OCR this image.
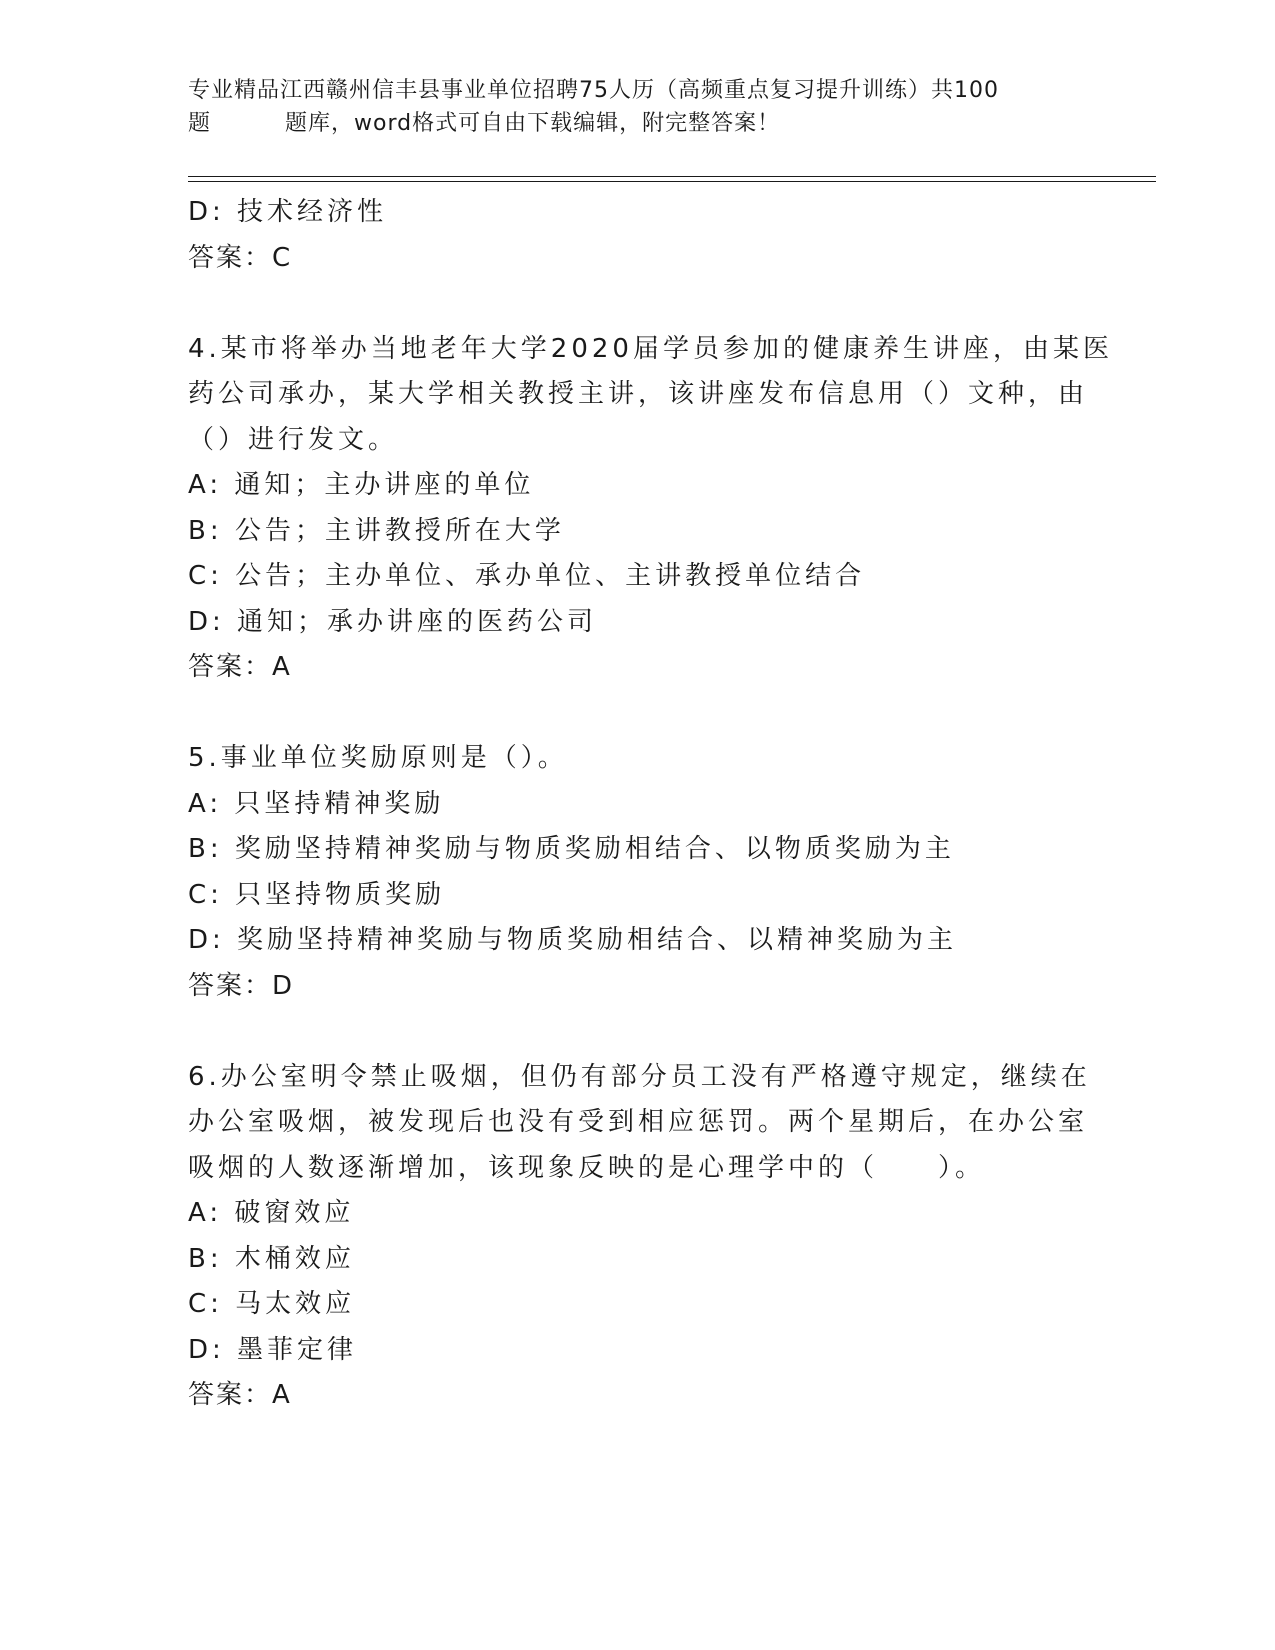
专业精品江西赣州信丰县事业单位招聘75人历（高频重点复习提升训练）共100
题	题库，word格式可自由下载编辑，附完整答案！
D: 技术经济性
答案：C
4.某市将举办当地老年大学2020届学员参加的健康养生讲座，由某医
药公司承办，某大学相关教授主讲，该讲座发布信息用（）文种，由
（）进行发文。
A: 通知；主办讲座的单位
B: 公告；主讲教授所在大学
C: 公告；主办单位、承办单位、主讲教授单位结合
D: 通知；承办讲座的医药公司
答案：A
5.事业单位奖励原则是（）。
A: 只坚持精神奖励
B: 奖励坚持精神奖励与物质奖励相结合、以物质奖励为主
C: 只坚持物质奖励
D: 奖励坚持精神奖励与物质奖励相结合、以精神奖励为主
答案：D
6.办公室明令禁止吸烟，但仍有部分员工没有严格遵守规定，继续在
办公室吸烟，被发现后也没有受到相应惩罚。两个星期后，在办公室
吸烟的人数逐渐增加，该现象反映的是心理学中的（　　）。
A: 破窗效应
B: 木桶效应
C: 马太效应
D: 墨菲定律
答案：A
